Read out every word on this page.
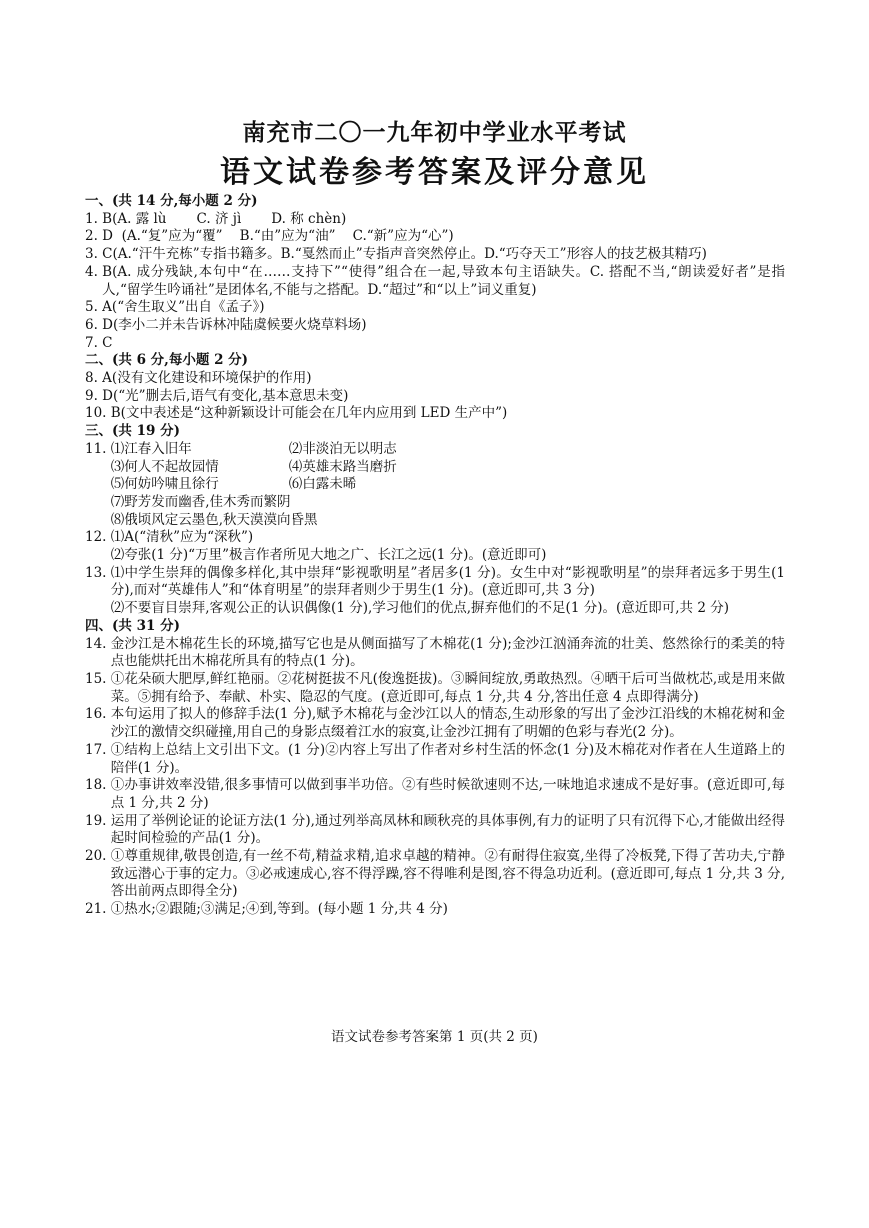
南充市二〇一九年初中学业水平考试
语文试卷参考答案及评分意见
一、(共 14 分,每小题 2 分)
1. B(A. 露 lù       C. 济 jì       D. 称 chèn)
2. D  (A.“复”应为“覆”    B.“由”应为“油”    C.“新”应为“心”)
3. C(A.“汗牛充栋”专指书籍多。B.“戛然而止”专指声音突然停止。D.“巧夺天工”形容人的技艺极其精巧)
4. B(A. 成分残缺,本句中“在……支持下”“使得”组合在一起,导致本句主语缺失。C. 搭配不当,“朗读爱好者”是指人,“留学生吟诵社”是团体名,不能与之搭配。D.“超过”和“以上”词义重复)
5. A(“舍生取义”出自《孟子》)
6. D(李小二并未告诉林冲陆虞候要火烧草料场)
7. C
二、(共 6 分,每小题 2 分)
8. A(没有文化建设和环境保护的作用)
9. D(“光”删去后,语气有变化,基本意思未变)
10. B(文中表述是“这种新颖设计可能会在几年内应用到 LED 生产中”)
三、(共 19 分)
11. ⑴江春入旧年	⑵非淡泊无以明志
⑶何人不起故园情	⑷英雄末路当磨折
⑸何妨吟啸且徐行	⑹白露未晞
⑺野芳发而幽香,佳木秀而繁阴
⑻俄顷风定云墨色,秋天漠漠向昏黑
12. ⑴A(“清秋”应为“深秋”)
⑵夸张(1 分)“万里”极言作者所见大地之广、长江之远(1 分)。(意近即可)
13. ⑴中学生崇拜的偶像多样化,其中崇拜“影视歌明星”者居多(1 分)。女生中对“影视歌明星”的崇拜者远多于男生(1 分),而对“英雄伟人”和“体育明星”的崇拜者则少于男生(1 分)。(意近即可,共 3 分)
⑵不要盲目崇拜,客观公正的认识偶像(1 分),学习他们的优点,摒弃他们的不足(1 分)。(意近即可,共 2 分)
四、(共 31 分)
14. 金沙江是木棉花生长的环境,描写它也是从侧面描写了木棉花(1 分);金沙江汹涌奔流的壮美、悠然徐行的柔美的特点也能烘托出木棉花所具有的特点(1 分)。
15. ①花朵硕大肥厚,鲜红艳丽。②花树挺拔不凡(俊逸挺拔)。③瞬间绽放,勇敢热烈。④晒干后可当做枕芯,或是用来做菜。⑤拥有给予、奉献、朴实、隐忍的气度。(意近即可,每点 1 分,共 4 分,答出任意 4 点即得满分)
16. 本句运用了拟人的修辞手法(1 分),赋予木棉花与金沙江以人的情态,生动形象的写出了金沙江沿线的木棉花树和金沙江的激情交织碰撞,用自己的身影点缀着江水的寂寞,让金沙江拥有了明媚的色彩与春光(2 分)。
17. ①结构上总结上文引出下文。(1 分)②内容上写出了作者对乡村生活的怀念(1 分)及木棉花对作者在人生道路上的陪伴(1 分)。
18. ①办事讲效率没错,很多事情可以做到事半功倍。②有些时候欲速则不达,一味地追求速成不是好事。(意近即可,每点 1 分,共 2 分)
19. 运用了举例论证的论证方法(1 分),通过列举高凤林和顾秋亮的具体事例,有力的证明了只有沉得下心,才能做出经得起时间检验的产品(1 分)。
20. ①尊重规律,敬畏创造,有一丝不苟,精益求精,追求卓越的精神。②有耐得住寂寞,坐得了冷板凳,下得了苦功夫,宁静致远潜心于事的定力。③必戒速成心,容不得浮躁,容不得唯利是图,容不得急功近利。(意近即可,每点 1 分,共 3 分,答出前两点即得全分)
21. ①热水;②跟随;③满足;④到,等到。(每小题 1 分,共 4 分)
语文试卷参考答案第 1 页(共 2 页)
